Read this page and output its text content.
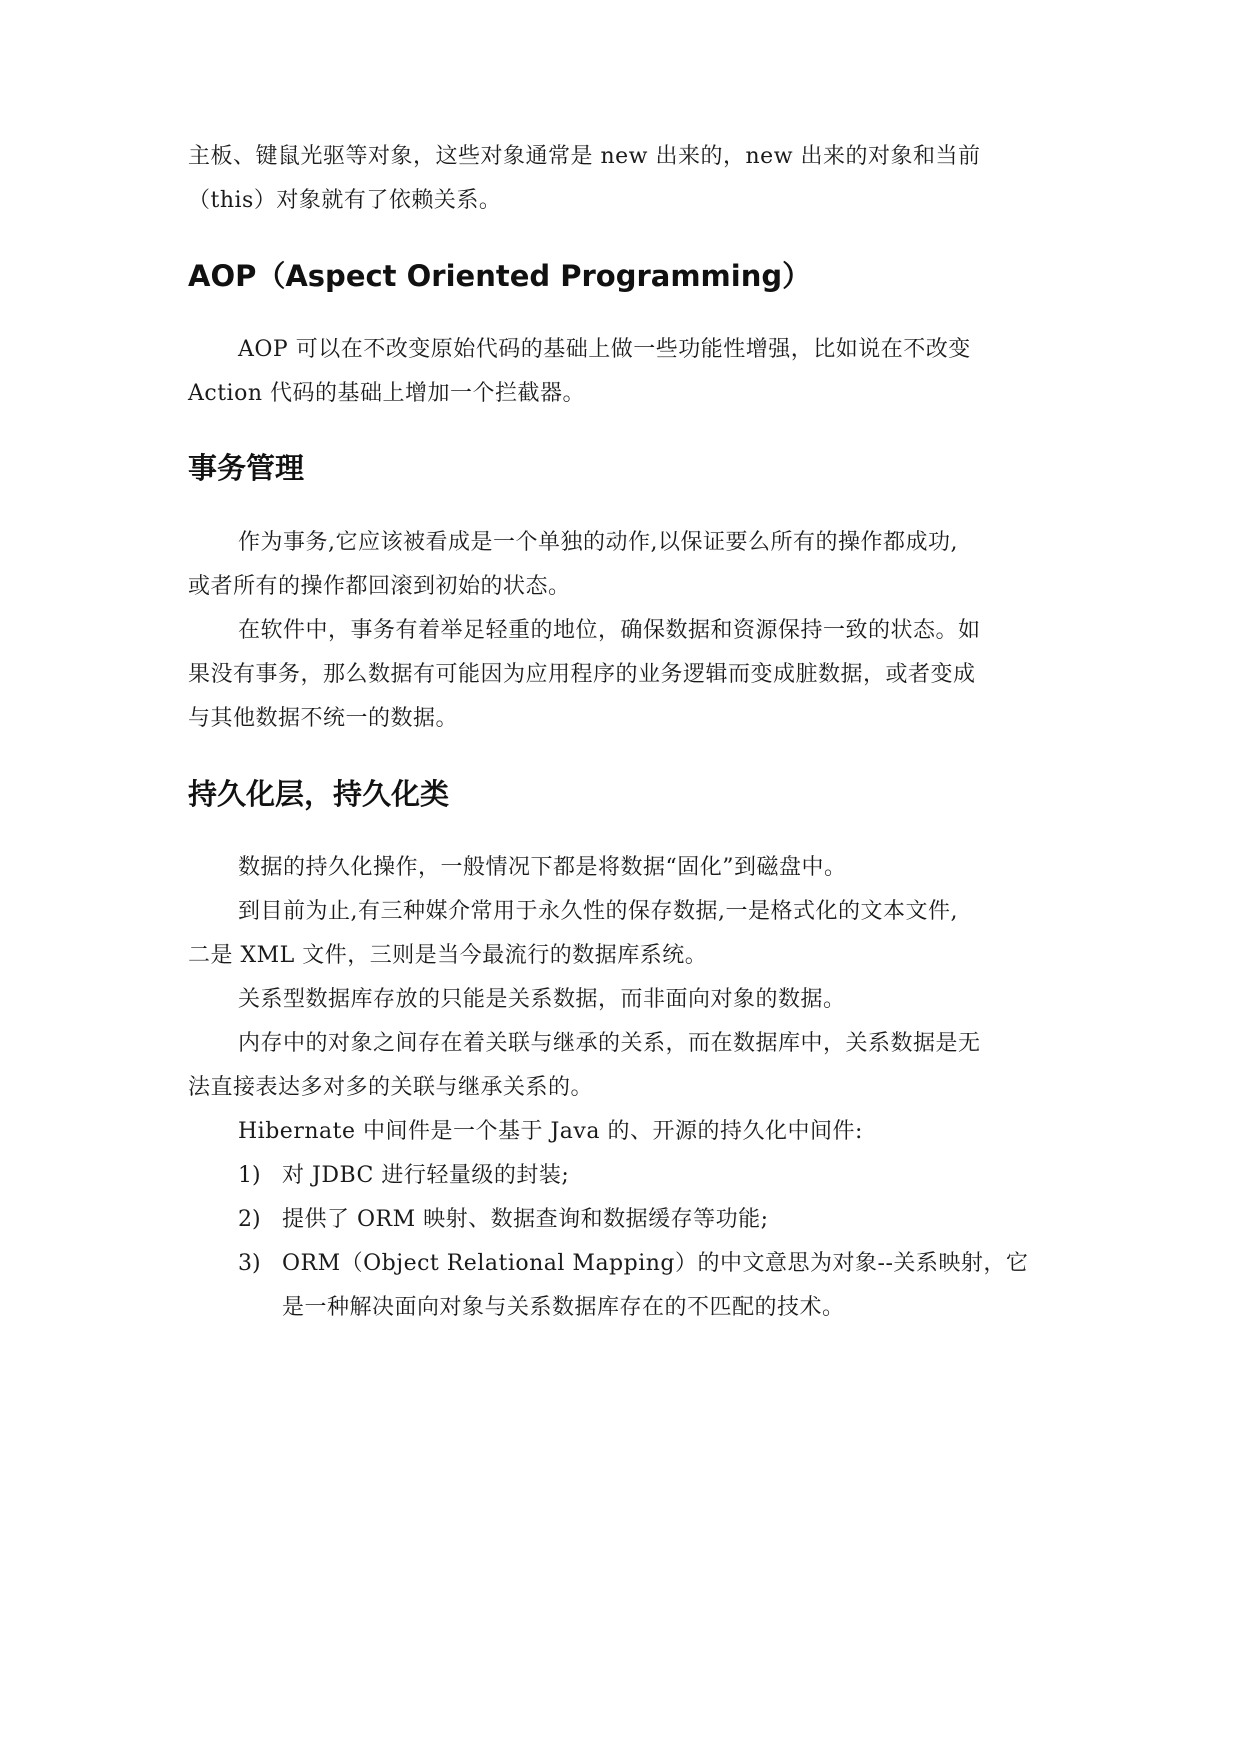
主板、键鼠光驱等对象，这些对象通常是 new 出来的，new 出来的对象和当前
（this）对象就有了依赖关系。
AOP（Aspect Oriented Programming）
AOP 可以在不改变原始代码的基础上做一些功能性增强，比如说在不改变
Action 代码的基础上增加一个拦截器。
事务管理
作为事务,它应该被看成是一个单独的动作,以保证要么所有的操作都成功,
或者所有的操作都回滚到初始的状态。
在软件中，事务有着举足轻重的地位，确保数据和资源保持一致的状态。如
果没有事务，那么数据有可能因为应用程序的业务逻辑而变成脏数据，或者变成
与其他数据不统一的数据。
持久化层，持久化类
数据的持久化操作，一般情况下都是将数据“固化”到磁盘中。
到目前为止,有三种媒介常用于永久性的保存数据,一是格式化的文本文件,
二是 XML 文件，三则是当今最流行的数据库系统。
关系型数据库存放的只能是关系数据，而非面向对象的数据。
内存中的对象之间存在着关联与继承的关系，而在数据库中，关系数据是无
法直接表达多对多的关联与继承关系的。
Hibernate 中间件是一个基于 Java 的、开源的持久化中间件:
1) 对 JDBC 进行轻量级的封装;
2) 提供了 ORM 映射、数据查询和数据缓存等功能;
3) ORM（Object Relational Mapping）的中文意思为对象--关系映射，它
是一种解决面向对象与关系数据库存在的不匹配的技术。
